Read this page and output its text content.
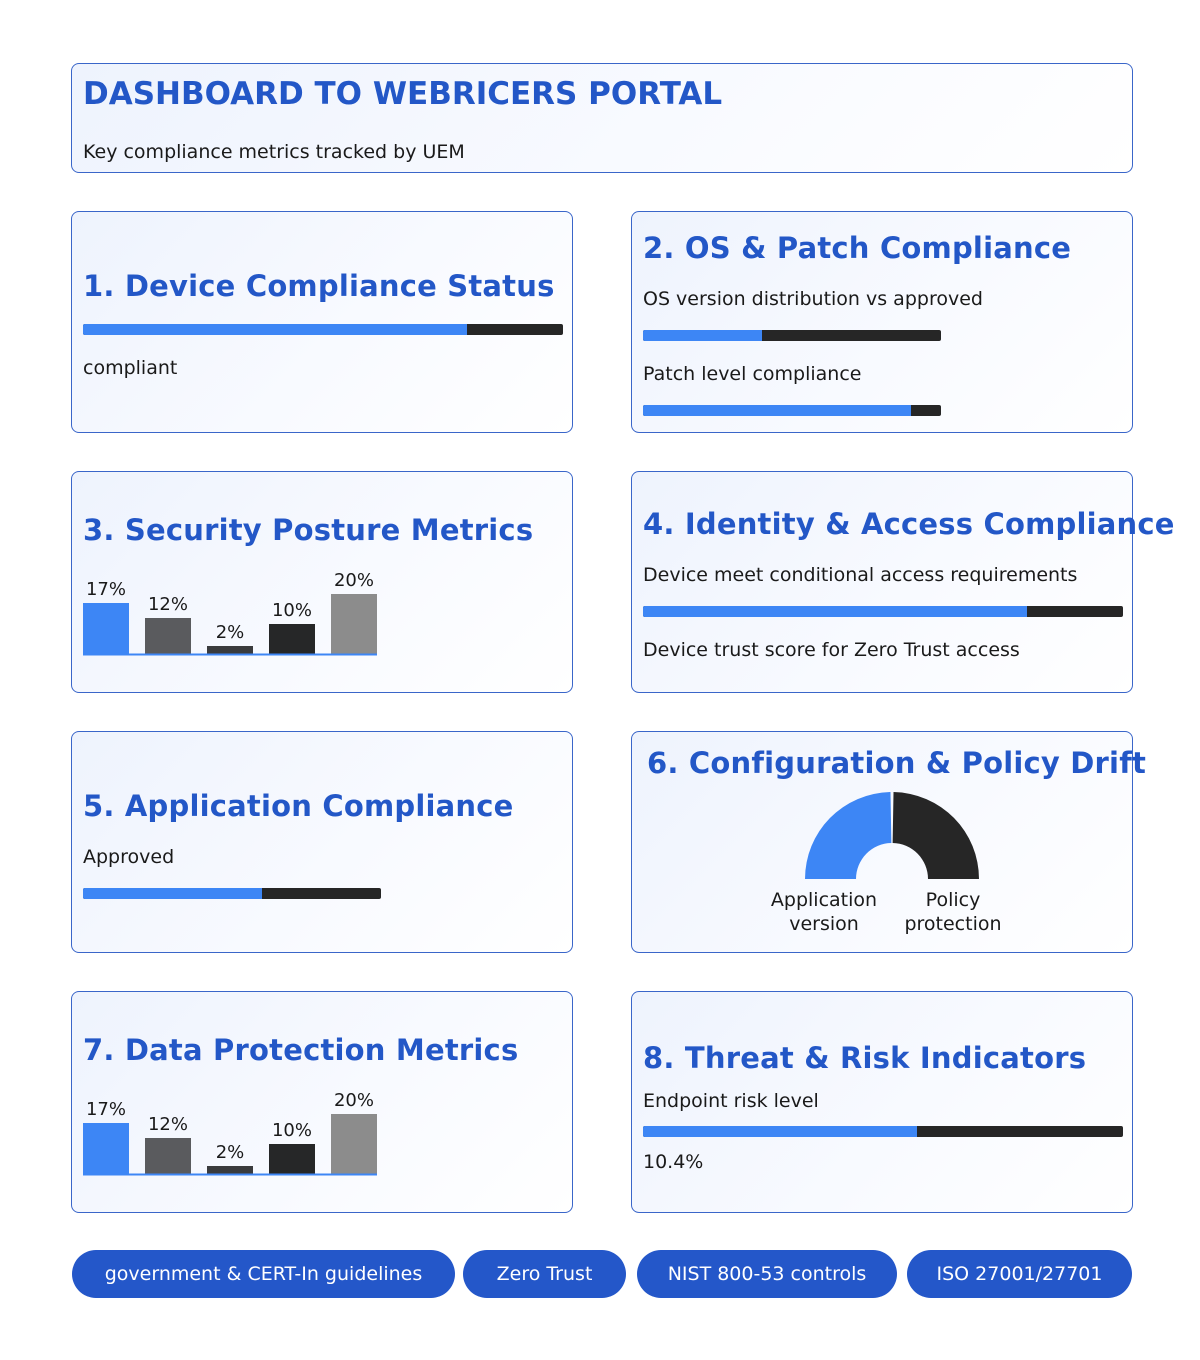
DASHBOARD TO WEBRICERS PORTAL
Key compliance metrics tracked by UEM
1. Device Compliance Status
compliant
2. OS & Patch Compliance
OS version distribution vs approved
Patch level compliance
3. Security Posture Metrics
17%
12%
2%
10%
20%
4. Identity & Access Compliance
Device meet conditional access requirements
Device trust score for Zero Trust access
5. Application Compliance
Approved
6. Configuration & Policy Drift
Application version
Policy protection
7. Data Protection Metrics
17%
12%
2%
10%
20%
8. Threat & Risk Indicators
Endpoint risk level
10.4%
government & CERT-In guidelines	Zero Trust	NIST 800-53 controls	ISO 27001/27701
